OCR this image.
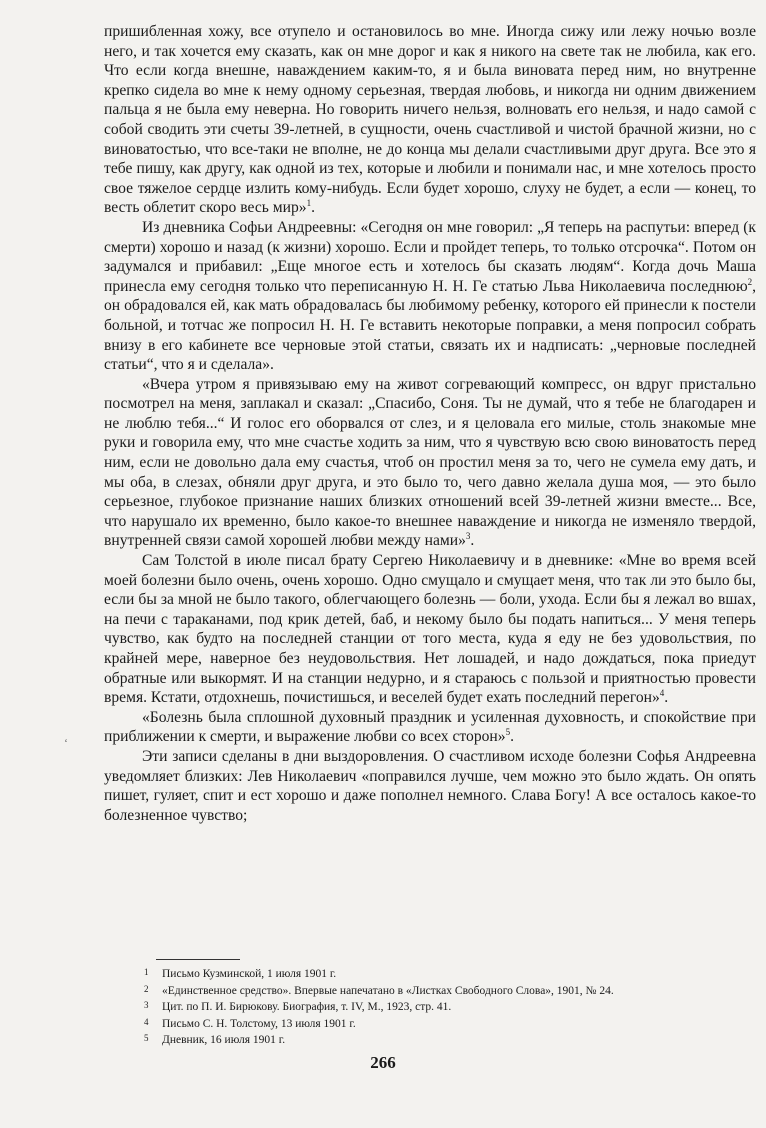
пришибленная хожу, все отупело и остановилось во мне. Иногда сижу или лежу ночью возле него, и так хочется ему сказать, как он мне дорог и как я никого на свете так не любила, как его. Что если когда внешне, наваждением каким-то, я и была виновата перед ним, но внутренне крепко сидела во мне к нему одному серьезная, твердая любовь, и никогда ни одним движением пальца я не была ему неверна. Но говорить ничего нельзя, волновать его нельзя, и надо самой с собой сводить эти счеты 39-летней, в сущности, очень счастливой и чистой брачной жизни, но с виноватостью, что все-таки не вполне, не до конца мы делали счастливыми друг друга. Все это я тебе пишу, как другу, как одной из тех, которые и любили и понимали нас, и мне хотелось просто свое тяжелое сердце излить кому-нибудь. Если будет хорошо, слуху не будет, а если — конец, то весть облетит скоро весь мир»$^1$.

Из дневника Софьи Андреевны: «Сегодня он мне говорил: „Я теперь на распутьи: вперед (к смерти) хорошо и назад (к жизни) хорошо. Если и пройдет теперь, то только отсрочка“. Потом он задумался и прибавил: „Еще многое есть и хотелось бы сказать людям“. Когда дочь Маша принесла ему сегодня только что переписанную Н. Н. Ге статью Льва Николаевича последнюю$^2$, он обрадовался ей, как мать обрадовалась бы любимому ребенку, которого ей принесли к постели больной, и тотчас же попросил Н. Н. Ге вставить некоторые поправки, а меня попросил собрать внизу в его кабинете все черновые этой статьи, связать их и надписать: „черновые последней статьи“, что я и сделала».

«Вчера утром я привязываю ему на живот согревающий компресс, он вдруг пристально посмотрел на меня, заплакал и сказал: „Спасибо, Соня. Ты не думай, что я тебе не благодарен и не люблю тебя...“ И голос его оборвался от слез, и я целовала его милые, столь знакомые мне руки и говорила ему, что мне счастье ходить за ним, что я чувствую всю свою виноватость перед ним, если не довольно дала ему счастья, чтоб он простил меня за то, чего не сумела ему дать, и мы оба, в слезах, обняли друг друга, и это было то, чего давно желала душа моя, — это было серьезное, глубокое признание наших близких отношений всей 39-летней жизни вместе... Все, что нарушало их временно, было какое-то внешнее наваждение и никогда не изменяло твердой, внутренней связи самой хорошей любви между нами»$^3$.

Сам Толстой в июле писал брату Сергею Николаевичу и в дневнике: «Мне во время всей моей болезни было очень, очень хорошо. Одно смущало и смущает меня, что так ли это было бы, если бы за мной не было такого, облегчающего болезнь — боли, ухода. Если бы я лежал во вшах, на печи с тараканами, под крик детей, баб, и некому было бы подать напиться... У меня теперь чувство, как будто на последней станции от того места, куда я еду не без удовольствия, по крайней мере, наверное без неудовольствия. Нет лошадей, и надо дождаться, пока приедут обратные или выкормят. И на станции недурно, и я стараюсь с пользой и приятностью провести время. Кстати, отдохнешь, почистишься, и веселей будет ехать последний перегон»$^4$.

«Болезнь была сплошной духовный праздник и усиленная духовность, и спокойствие при приближении к смерти, и выражение любви со всех сторон»$^5$.

Эти записи сделаны в дни выздоровления. О счастливом исходе болезни Софья Андреевна уведомляет близких: Лев Николаевич «поправился лучше, чем можно это было ждать. Он опять пишет, гуляет, спит и ест хорошо и даже пополнел немного. Слава Богу! А все осталось какое-то болезненное чувство;

‘
1 Письмо Кузминской, 1 июля 1901 г.
2 «Единственное средство». Впервые напечатано в «Листках Свободного Слова», 1901, № 24.
3 Цит. по П. И. Бирюкову. Биография, т. IV, М., 1923, стр. 41.
4 Письмо С. Н. Толстому, 13 июля 1901 г.
5 Дневник, 16 июля 1901 г.
266
